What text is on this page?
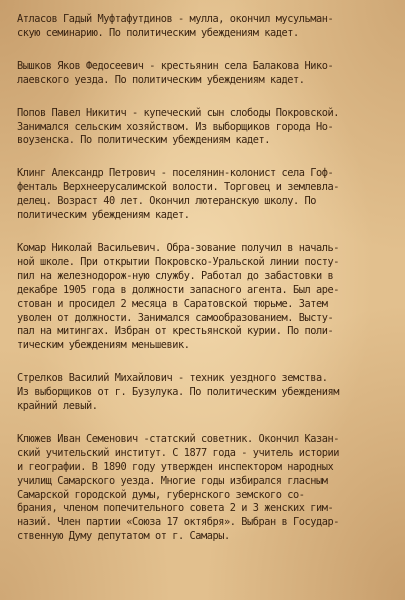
Атласов Гадый Муфтафутдинов - мулла, окончил мусульман-
скую семинарию. По политическим убеждениям кадет.
Вышков Яков Федосеевич - крестьянин села Балакова Нико-
лаевского уезда. По политическим убеждениям кадет.
Попов Павел Никитич - купеческий сын слободы Покровской.
Занимался сельским хозяйством. Из выборщиков города Но-
воузенска. По политическим убеждениям кадет.
Клинг Александр Петрович - поселянин-колонист села Гоф-
фенталь Верхнеерусалимской волости. Торговец и землевла-
делец. Возраст 40 лет. Окончил лютеранскую школу. По
политическим убеждениям кадет.
Комар Николай Васильевич. Обра-зование получил в началь-
ной школе. При открытии Покровско-Уральской линии посту-
пил на железнодорож-ную службу. Работал до забастовки в
декабре 1905 года в должности запасного агента. Был аре-
стован и просидел 2 месяца в Саратовской тюрьме. Затем
уволен от должности. Занимался самообразованием. Высту-
пал на митингах. Избран от крестьянской курии. По поли-
тическим убеждениям меньшевик.
Стрелков Василий Михайлович - техник уездного земства.
Из выборщиков от г. Бузулука. По политическим убеждениям
крайний левый.
Клюжев Иван Семенович -статский советник. Окончил Казан-
ский учительский институт. С 1877 года - учитель истории
и географии. В 1890 году утвержден инспектором народных
училищ Самарского уезда. Многие годы избирался гласным
Самарской городской думы, губернского земского со-
брания, членом попечительного совета 2 и 3 женских гим-
назий. Член партии «Союза 17 октября». Выбран в Государ-
ственную Думу депутатом от г. Самары.
